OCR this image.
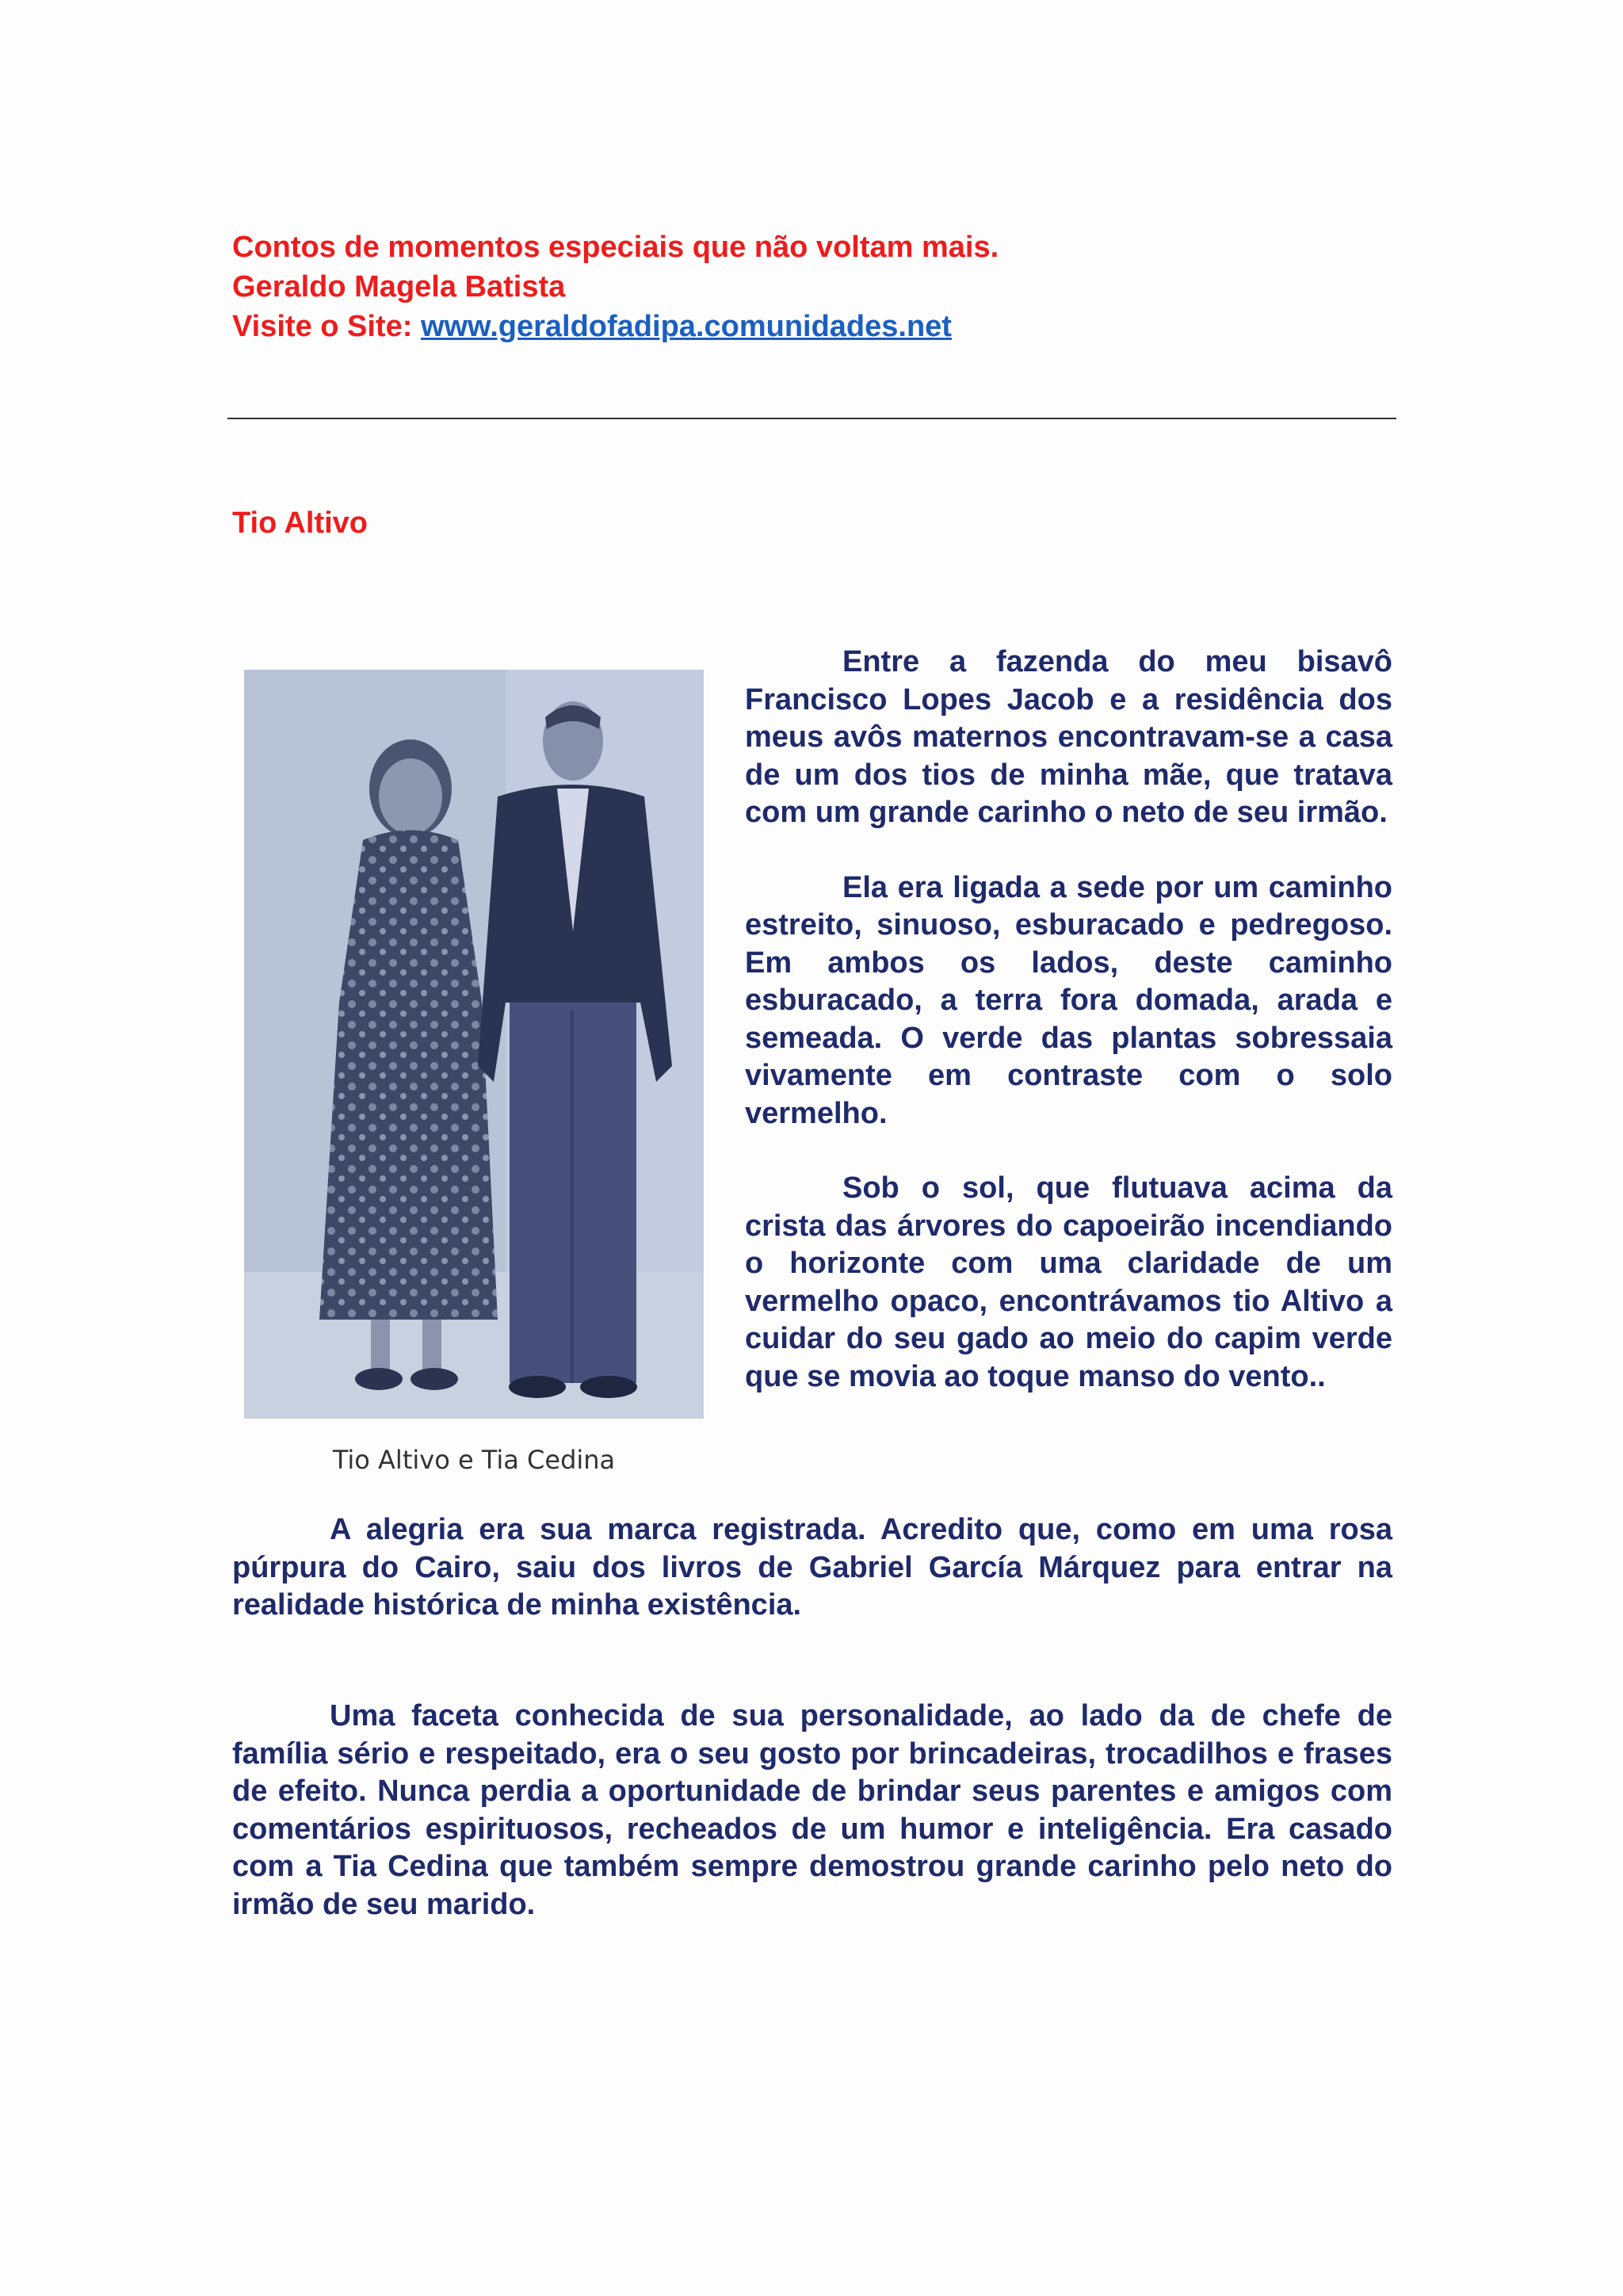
Contos de momentos especiais que não voltam mais.
Geraldo Magela Batista
Visite o Site: www.geraldofadipa.comunidades.net
Tio Altivo
Tio Altivo e Tia Cedina

Entre a fazenda do meu bisavô Francisco Lopes Jacob e a residência dos meus avôs maternos encontravam-se a casa de um dos tios de minha mãe, que tratava com um grande carinho o neto de seu irmão.

Ela era ligada a sede por um caminho estreito, sinuoso, esburacado e pedregoso. Em ambos os lados, deste caminho esburacado, a terra fora domada, arada e semeada. O verde das plantas sobressaia vivamente em contraste com o solo vermelho.

Sob o sol, que flutuava acima da crista das árvores do capoeirão incendiando o horizonte com uma claridade de um vermelho opaco, encontrávamos tio Altivo a cuidar do seu gado ao meio do capim verde que se movia ao toque manso do vento..

A alegria era sua marca registrada. Acredito que, como em uma rosa púrpura do Cairo, saiu dos livros de Gabriel García Márquez para entrar na realidade histórica de minha existência.

Uma faceta conhecida de sua personalidade, ao lado da de chefe de família sério e respeitado, era o seu gosto por brincadeiras, trocadilhos e frases de efeito. Nunca perdia a oportunidade de brindar seus parentes e amigos com comentários espirituosos, recheados de um humor e inteligência. Era casado com a Tia Cedina que também sempre demostrou grande carinho pelo neto do irmão de seu marido.
